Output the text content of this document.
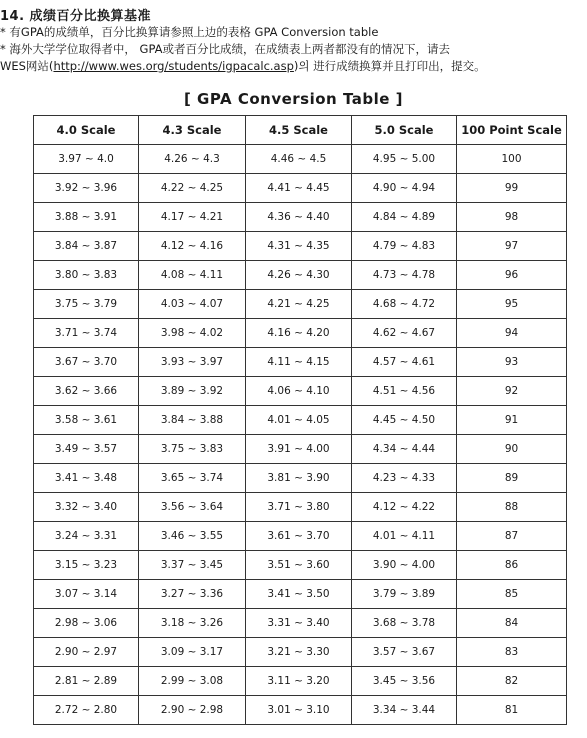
14. 成绩百分比换算基准
* 有GPA的成绩单，百分比换算请参照上边的表格 GPA Conversion table
* 海外大学学位取得者中， GPA或者百分比成绩，在成绩表上两者都没有的情况下，请去
WES网站(http://www.wes.org/students/igpacalc.asp)의 进行成绩换算并且打印出，提交。
[ GPA Conversion Table ]
4.0 Scale	4.3 Scale	4.5 Scale	5.0 Scale	100 Point Scale
3.97 ~ 4.0	4.26 ~ 4.3	4.46 ~ 4.5	4.95 ~ 5.00	100
3.92 ~ 3.96	4.22 ~ 4.25	4.41 ~ 4.45	4.90 ~ 4.94	99
3.88 ~ 3.91	4.17 ~ 4.21	4.36 ~ 4.40	4.84 ~ 4.89	98
3.84 ~ 3.87	4.12 ~ 4.16	4.31 ~ 4.35	4.79 ~ 4.83	97
3.80 ~ 3.83	4.08 ~ 4.11	4.26 ~ 4.30	4.73 ~ 4.78	96
3.75 ~ 3.79	4.03 ~ 4.07	4.21 ~ 4.25	4.68 ~ 4.72	95
3.71 ~ 3.74	3.98 ~ 4.02	4.16 ~ 4.20	4.62 ~ 4.67	94
3.67 ~ 3.70	3.93 ~ 3.97	4.11 ~ 4.15	4.57 ~ 4.61	93
3.62 ~ 3.66	3.89 ~ 3.92	4.06 ~ 4.10	4.51 ~ 4.56	92
3.58 ~ 3.61	3.84 ~ 3.88	4.01 ~ 4.05	4.45 ~ 4.50	91
3.49 ~ 3.57	3.75 ~ 3.83	3.91 ~ 4.00	4.34 ~ 4.44	90
3.41 ~ 3.48	3.65 ~ 3.74	3.81 ~ 3.90	4.23 ~ 4.33	89
3.32 ~ 3.40	3.56 ~ 3.64	3.71 ~ 3.80	4.12 ~ 4.22	88
3.24 ~ 3.31	3.46 ~ 3.55	3.61 ~ 3.70	4.01 ~ 4.11	87
3.15 ~ 3.23	3.37 ~ 3.45	3.51 ~ 3.60	3.90 ~ 4.00	86
3.07 ~ 3.14	3.27 ~ 3.36	3.41 ~ 3.50	3.79 ~ 3.89	85
2.98 ~ 3.06	3.18 ~ 3.26	3.31 ~ 3.40	3.68 ~ 3.78	84
2.90 ~ 2.97	3.09 ~ 3.17	3.21 ~ 3.30	3.57 ~ 3.67	83
2.81 ~ 2.89	2.99 ~ 3.08	3.11 ~ 3.20	3.45 ~ 3.56	82
2.72 ~ 2.80	2.90 ~ 2.98	3.01 ~ 3.10	3.34 ~ 3.44	81
